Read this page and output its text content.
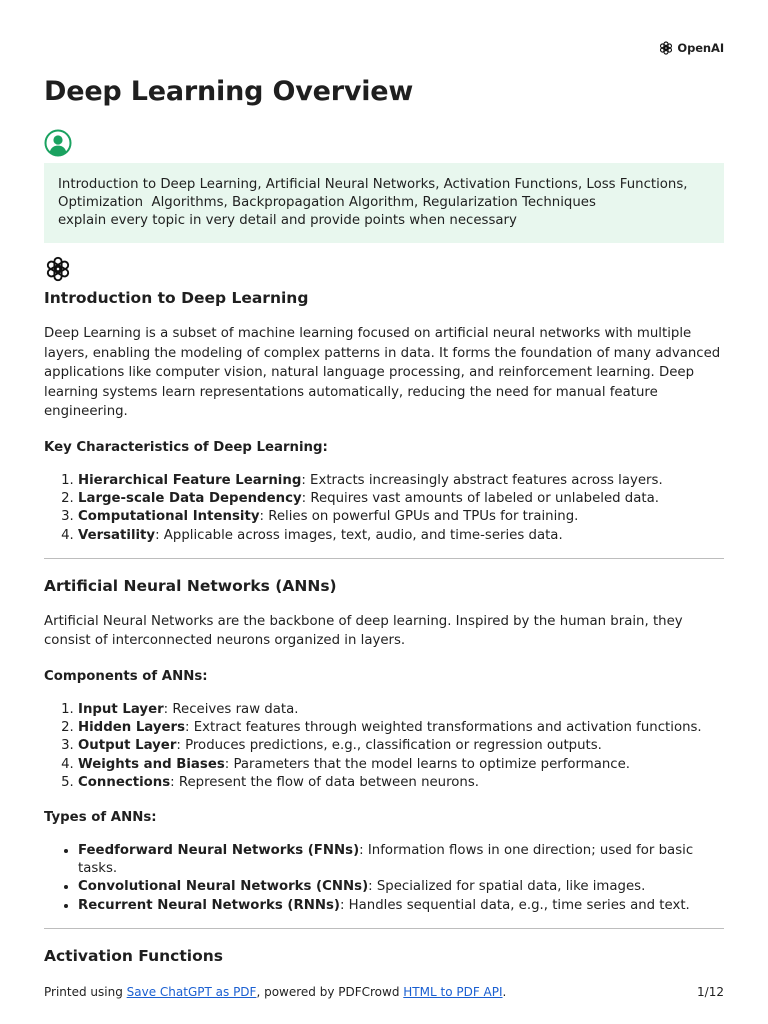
OpenAI
Deep Learning Overview
Introduction to Deep Learning, Artificial Neural Networks, Activation Functions, Loss Functions,
Optimization  Algorithms, Backpropagation Algorithm, Regularization Techniques
explain every topic in very detail and provide points when necessary
Introduction to Deep Learning

Deep Learning is a subset of machine learning focused on artificial neural networks with multiple layers, enabling the modeling of complex patterns in data. It forms the foundation of many advanced applications like computer vision, natural language processing, and reinforcement learning. Deep learning systems learn representations automatically, reducing the need for manual feature engineering.

Key Characteristics of Deep Learning:

1. Hierarchical Feature Learning: Extracts increasingly abstract features across layers.
2. Large-scale Data Dependency: Requires vast amounts of labeled or unlabeled data.
3. Computational Intensity: Relies on powerful GPUs and TPUs for training.
4. Versatility: Applicable across images, text, audio, and time-series data.
Artificial Neural Networks (ANNs)

Artificial Neural Networks are the backbone of deep learning. Inspired by the human brain, they consist of interconnected neurons organized in layers.

Components of ANNs:

1. Input Layer: Receives raw data.
2. Hidden Layers: Extract features through weighted transformations and activation functions.
3. Output Layer: Produces predictions, e.g., classification or regression outputs.
4. Weights and Biases: Parameters that the model learns to optimize performance.
5. Connections: Represent the flow of data between neurons.

Types of ANNs:

• Feedforward Neural Networks (FNNs): Information flows in one direction; used for basic tasks.
• Convolutional Neural Networks (CNNs): Specialized for spatial data, like images.
• Recurrent Neural Networks (RNNs): Handles sequential data, e.g., time series and text.
Activation Functions
Printed using Save ChatGPT as PDF, powered by PDFCrowd HTML to PDF API.	1/12
